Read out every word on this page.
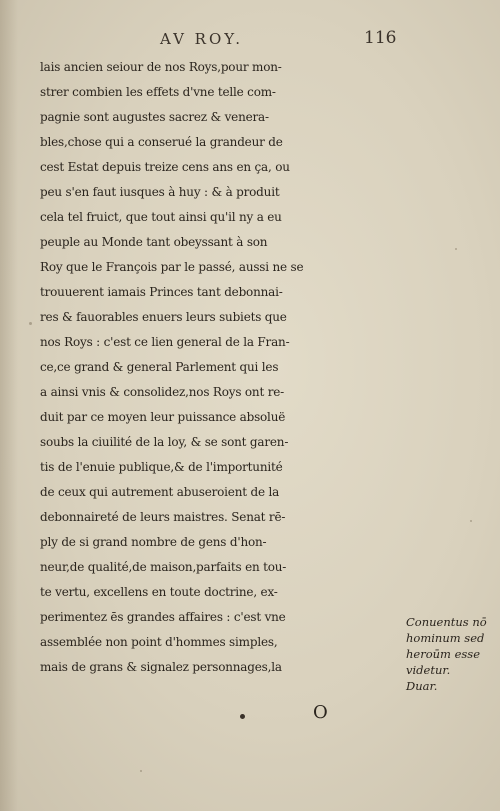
AV ROY.	116
lais ancien seiour de nos Roys,pour mon-
strer combien les effets d'vne telle com-
pagnie sont augustes sacrez & venera-
bles,chose qui a conserué la grandeur de
cest Estat depuis treize cens ans en ça, ou
peu s'en faut iusques à huy : & à produit
cela tel fruict, que tout ainsi qu'il ny a eu
peuple au Monde tant obeyssant à son
Roy que le François par le passé, aussi ne se
trouuerent iamais Princes tant debonnai-
res & fauorables enuers leurs subiets que
nos Roys : c'est ce lien general de la Fran-
ce,ce grand & general Parlement qui les
a ainsi vnis & consolidez,nos Roys ont re-
duit par ce moyen leur puissance absoluë
soubs la ciuilité de la loy, & se sont garen-
tis de l'enuie publique,& de l'importunité
de ceux qui autrement abuseroient de la
debonnaireté de leurs maistres. Senat rē-
ply de si grand nombre de gens d'hon-
neur,de qualité,de maison,parfaits en tou-
te vertu, excellens en toute doctrine, ex-
perimentez ēs grandes affaires : c'est vne
assemblée non point d'hommes simples,
mais de grans & signalez personnages,la
Conuentus nō
hominum sed
heroūm esse
videtur.
Duar.
O
